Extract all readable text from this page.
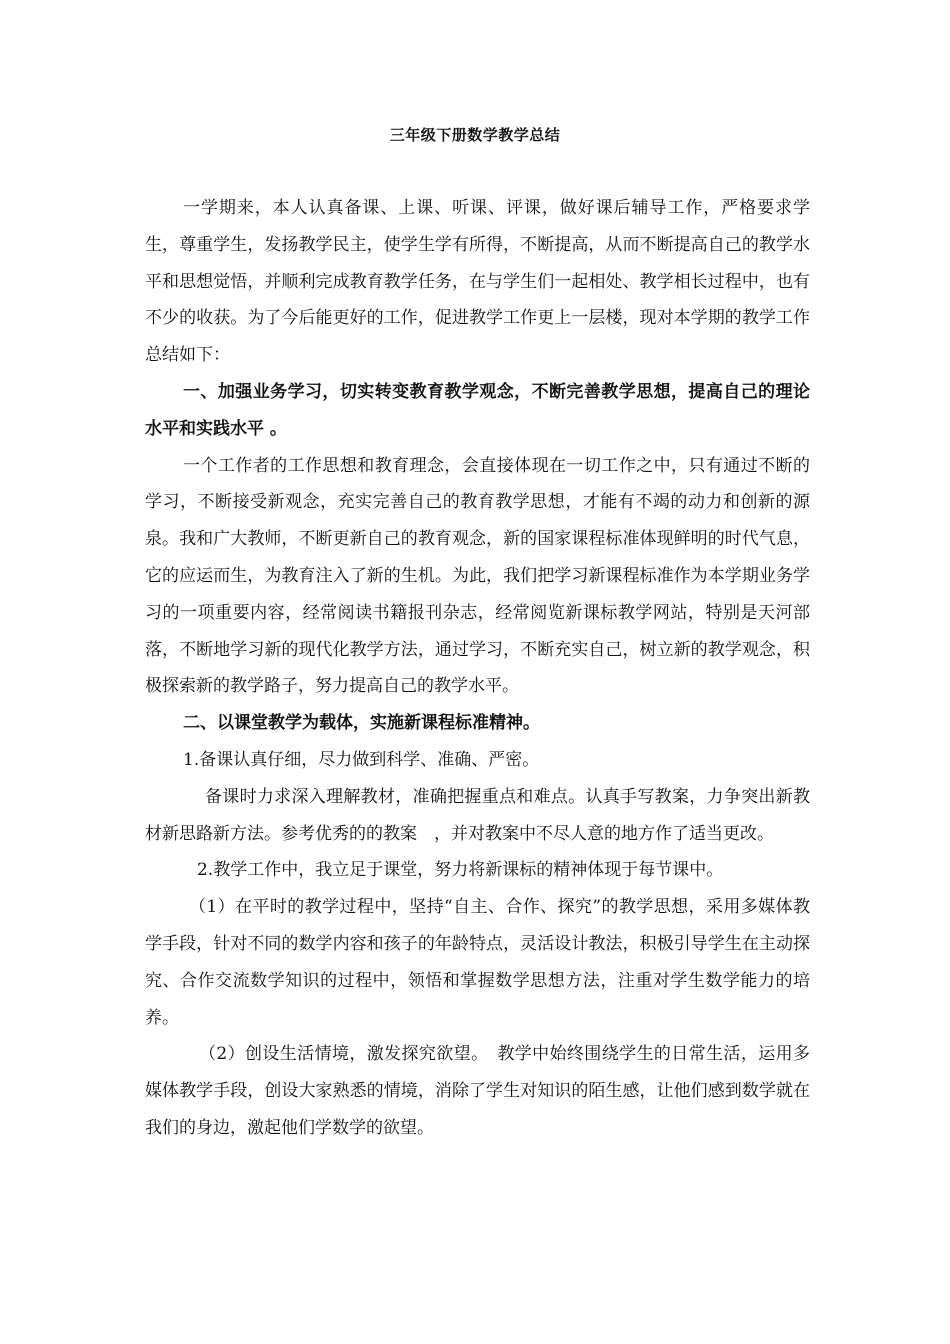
三年级下册数学教学总结

一学期来，本人认真备课、上课、听课、评课，做好课后辅导工作，严格要求学生，尊重学生，发扬教学民主，使学生学有所得，不断提高，从而不断提高自己的教学水平和思想觉悟，并顺利完成教育教学任务，在与学生们一起相处、教学相长过程中，也有不少的收获。为了今后能更好的工作，促进教学工作更上一层楼，现对本学期的教学工作总结如下：

一、加强业务学习，切实转变教育教学观念，不断完善教学思想，提高自己的理论水平和实践水平 。

一个工作者的工作思想和教育理念，会直接体现在一切工作之中，只有通过不断的学习，不断接受新观念，充实完善自己的教育教学思想，才能有不竭的动力和创新的源泉。我和广大教师，不断更新自己的教育观念，新的国家课程标准体现鲜明的时代气息，它的应运而生，为教育注入了新的生机。为此，我们把学习新课程标准作为本学期业务学习的一项重要内容，经常阅读书籍报刊杂志，经常阅览新课标教学网站，特别是天河部落，不断地学习新的现代化教学方法，通过学习，不断充实自己，树立新的教学观念，积极探索新的教学路子，努力提高自己的教学水平。

二、以课堂教学为载体，实施新课程标准精神。

1.备课认真仔细，尽力做到科学、准确、严密。

备课时力求深入理解教材，准确把握重点和难点。认真手写教案，力争突出新教材新思路新方法。参考优秀的的教案　，并对教案中不尽人意的地方作了适当更改。

2.教学工作中，我立足于课堂，努力将新课标的精神体现于每节课中。

（1）在平时的教学过程中，坚持“自主、合作、探究”的教学思想，采用多媒体教学手段，针对不同的数学内容和孩子的年龄特点，灵活设计教法，积极引导学生在主动探究、合作交流数学知识的过程中，领悟和掌握数学思想方法，注重对学生数学能力的培养。

（2）创设生活情境，激发探究欲望。　教学中始终围绕学生的日常生活，运用多媒体教学手段，创设大家熟悉的情境，消除了学生对知识的陌生感，让他们感到数学就在我们的身边，激起他们学数学的欲望。
